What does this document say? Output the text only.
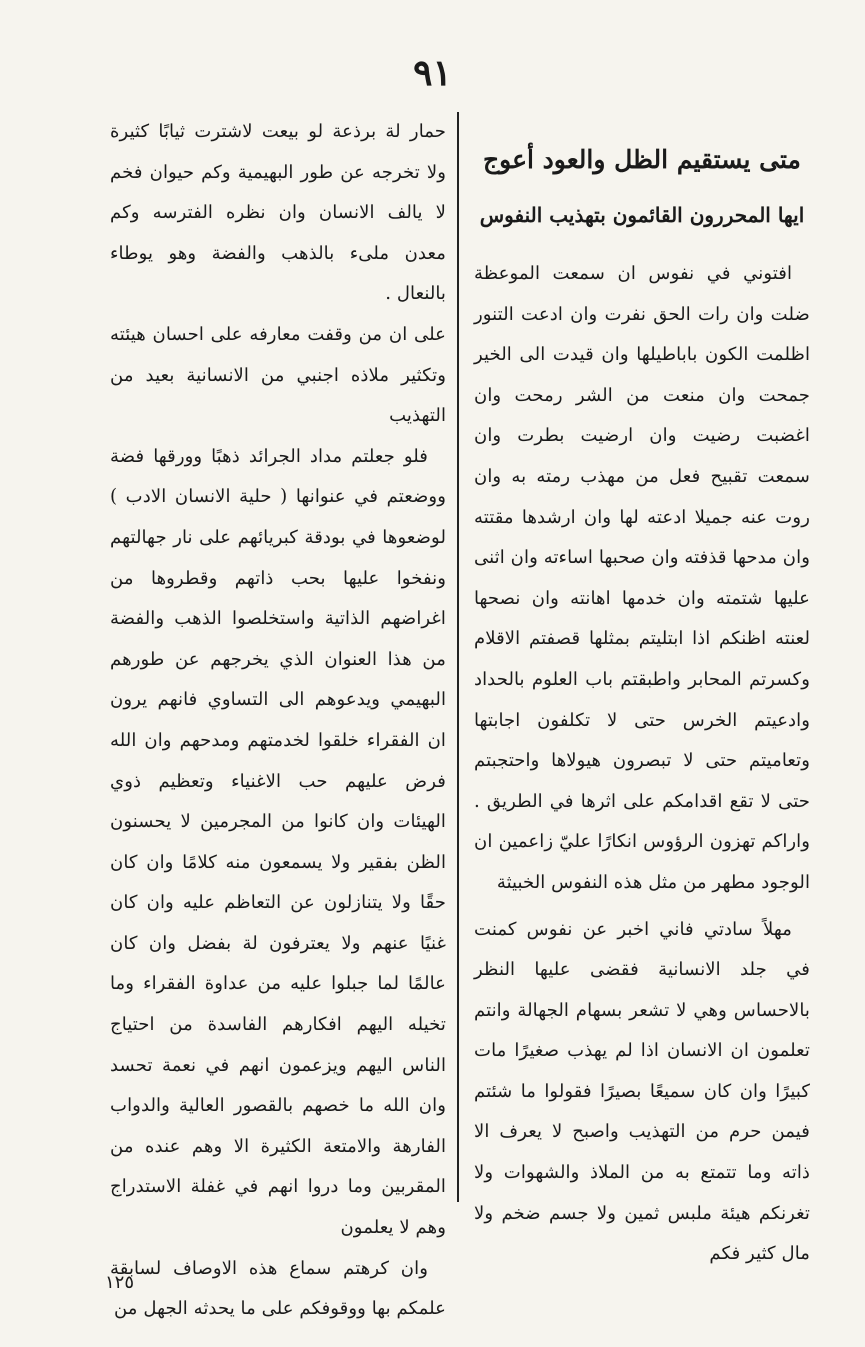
٩١
متى يستقيم الظل والعود أعوج
ايها المحررون القائمون بتهذيب النفوس

افتوني في نفوس ان سمعت الموعظة ضلت وان رات الحق نفرت وان ادعت التنور اظلمت الكون باباطيلها وان قيدت الى الخير جمحت وان منعت من الشر رمحت وان اغضبت رضيت وان ارضيت بطرت وان سمعت تقبيح فعل من مهذب رمته به وان روت عنه جميلا ادعته لها وان ارشدها مقتته وان مدحها قذفته وان صحبها اساءته وان اثنى عليها شتمته وان خدمها اهانته وان نصحها لعنته اظنكم اذا ابتليتم بمثلها قصفتم الاقلام وكسرتم المحابر واطبقتم باب العلوم بالحداد وادعيتم الخرس حتى لا تكلفون اجابتها وتعاميتم حتى لا تبصرون هيولاها واحتجبتم حتى لا تقع اقدامكم على اثرها في الطريق . واراكم تهزون الرؤوس انكارًا عليّ زاعمين ان الوجود مطهر من مثل هذه النفوس الخبيثة

مهلاً سادتي فاني اخبر عن نفوس كمنت في جلد الانسانية فقضى عليها النظر بالاحساس وهي لا تشعر بسهام الجهالة وانتم تعلمون ان الانسان اذا لم يهذب صغيرًا مات كبيرًا وان كان سميعًا بصيرًا فقولوا ما شئتم فيمن حرم من التهذيب واصبح لا يعرف الا ذاته وما تتمتع به من الملاذ والشهوات ولا تغرنكم هيئة ملبس ثمين ولا جسم ضخم ولا مال كثير فكم

حمار لة برذعة لو بيعت لاشترت ثيابًا كثيرة ولا تخرجه عن طور البهيمية وكم حيوان فخم لا يالف الانسان وان نظره الفترسه وكم معدن ملىء بالذهب والفضة وهو يوطاء بالنعال .

على ان من وقفت معارفه على احسان هيئته وتكثير ملاذه اجنبي من الانسانية بعيد من التهذيب

فلو جعلتم مداد الجرائد ذهبًا وورقها فضة ووضعتم في عنوانها ( حلية الانسان الادب ) لوضعوها في بودقة كبريائهم على نار جهالتهم ونفخوا عليها بحب ذاتهم وقطروها من اغراضهم الذاتية واستخلصوا الذهب والفضة من هذا العنوان الذي يخرجهم عن طورهم البهيمي ويدعوهم الى التساوي فانهم يرون ان الفقراء خلقوا لخدمتهم ومدحهم وان الله فرض عليهم حب الاغنياء وتعظيم ذوي الهيئات وان كانوا من المجرمين لا يحسنون الظن بفقير ولا يسمعون منه كلامًا وان كان حقًا ولا يتنازلون عن التعاظم عليه وان كان غنيًا عنهم ولا يعترفون لة بفضل وان كان عالمًا لما جبلوا عليه من عداوة الفقراء وما تخيله اليهم افكارهم الفاسدة من احتياج الناس اليهم ويزعمون انهم في نعمة تحسد وان الله ما خصهم بالقصور العالية والدواب الفارهة والامتعة الكثيرة الا وهم عنده من المقربين وما دروا انهم في غفلة الاستدراج وهم لا يعلمون

وان كرهتم سماع هذه الاوصاف لسابقة علمكم بها ووقوفكم على ما يحدثه الجهل من

١٢٥
